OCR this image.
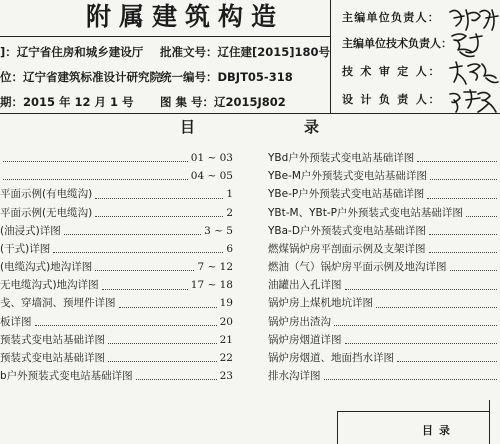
附属建筑构造
]：辽宁省住房和城乡建设厅 批准文号：辽住建[2015]180号
位：辽宁省建筑标准设计研究院 统一编号：DBJT05-318
期：2015 年 12 月 1 号 图 集 号：辽2015J802
主编单位负责人：
主编单位技术负责人：
技 术 审 定 人：
设 计 负 责 人：
目	录
01 ~ 03
04 ~ 05
平面示例(有电缆沟)	1
平面示例(无电缆沟)	2
(油浸式)详图	3 ~ 5
(干式)详图	6
(电缆沟式)地沟详图	7 ~ 12
无电缆沟式)地沟详图	17 ~ 18
戋、穿墙洞、预埋件详图	19
板详图	20
预装式变电站基础详图	21
预装式变电站基础详图	22
b户外预装式变电站基础详图	23
YBd户外预装式变电站基础详图
YBe-M户外预装式变电站基础详图
YBe-P户外预装式变电站基础详图
YBt-M、YBt-P户外预装式变电站基础详图
YBa-D户外预装式变电站基础详图
燃煤锅炉房平剖面示例及支架详图
燃油（气）锅炉房平面示例及地沟详图
油罐出入孔详图
锅炉房上煤机地坑详图
锅炉房出渣沟
锅炉房烟道详图
锅炉房烟道、地面挡水详图
排水沟详图
目录
